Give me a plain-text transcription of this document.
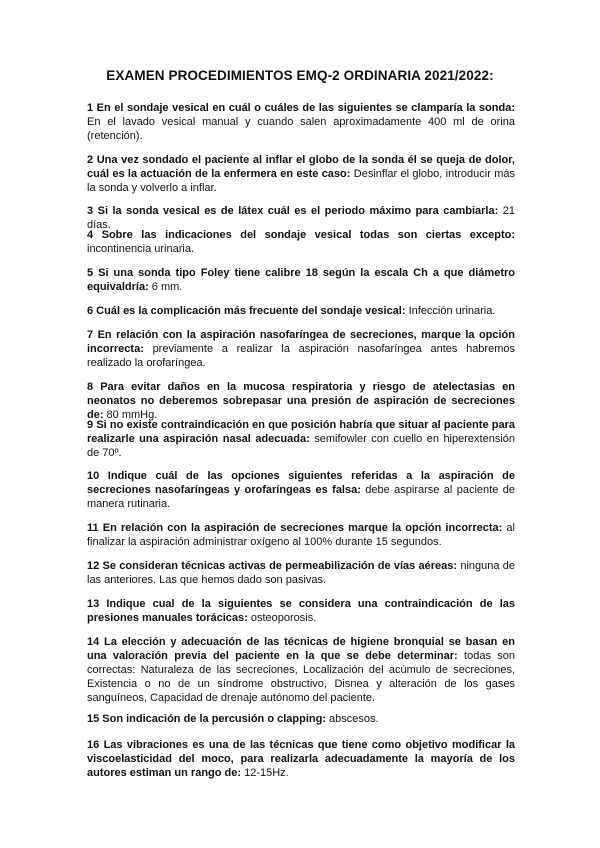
EXAMEN PROCEDIMIENTOS EMQ-2 ORDINARIA 2021/2022:

1 En el sondaje vesical en cuál o cuáles de las siguientes se clamparía la sonda: En el lavado vesical manual y cuando salen aproximadamente 400 ml de orina (retención).

2 Una vez sondado el paciente al inflar el globo de la sonda él se queja de dolor, cuál es la actuación de la enfermera en este caso: Desinflar el globo, introducir más la sonda y volverlo a inflar.

3 Si la sonda vesical es de látex cuál es el periodo máximo para cambiarla: 21 días.

4 Sobre las indicaciones del sondaje vesical todas son ciertas excepto: incontinencia urinaria.

5 Si una sonda tipo Foley tiene calibre 18 según la escala Ch a que diámetro equivaldría: 6 mm.

6 Cuál es la complicación más frecuente del sondaje vesical: Infección urinaria.

7 En relación con la aspiración nasofaríngea de secreciones, marque la opción incorrecta: previamente a realizar la aspiración nasofaríngea antes habremos realizado la orofaríngea.

8 Para evitar daños en la mucosa respiratoria y riesgo de atelectasias en neonatos no deberemos sobrepasar una presión de aspiración de secreciones de: 80 mmHg.

9 Si no existe contraindicación en que posición habría que situar al paciente para realizarle una aspiración nasal adecuada: semifowler con cuello en hiperextensión de 70º.

10 Indique cuál de las opciones siguientes referidas a la aspiración de secreciones nasofaríngeas y orofaríngeas es falsa: debe aspirarse al paciente de manera rutinaria.

11 En relación con la aspiración de secreciones marque la opción incorrecta: al finalizar la aspiración administrar oxígeno al 100% durante 15 segundos.

12 Se consideran técnicas activas de permeabilización de vías aéreas: ninguna de las anteriores. Las que hemos dado son pasivas.

13 Indique cual de la siguientes se considera una contraindicación de las presiones manuales torácicas: osteoporosis.

14 La elección y adecuación de las técnicas de higiene bronquial se basan en una valoración previa del paciente en la que se debe determinar: todas son correctas: Naturaleza de las secreciones, Localización del acúmulo de secreciones, Existencia o no de un síndrome obstructivo, Disnea y alteración de los gases sanguíneos, Capacidad de drenaje autónomo del paciente.

15 Son indicación de la percusión o clapping: abscesos.

16 Las vibraciones es una de las técnicas que tiene como objetivo modificar la viscoelasticidad del moco, para realizarla adecuadamente la mayoría de los autores estiman un rango de: 12-15Hz.
